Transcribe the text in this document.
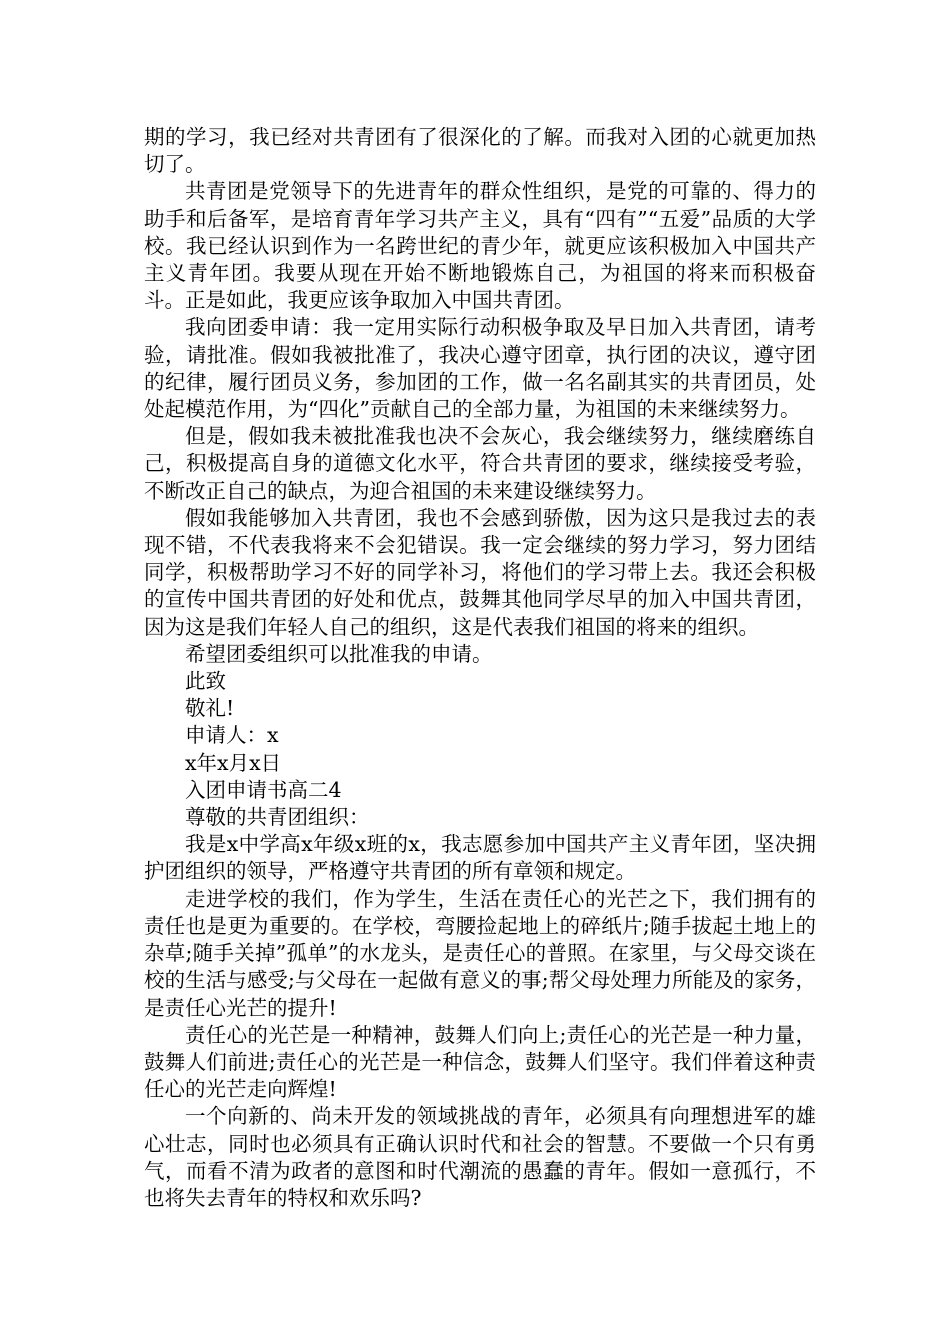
期的学习，我已经对共青团有了很深化的了解。而我对入团的心就更加热切了。

共青团是党领导下的先进青年的群众性组织，是党的可靠的、得力的助手和后备军，是培育青年学习共产主义，具有“四有”“五爱”品质的大学校。我已经认识到作为一名跨世纪的青少年，就更应该积极加入中国共产主义青年团。我要从现在开始不断地锻炼自己，为祖国的将来而积极奋斗。正是如此，我更应该争取加入中国共青团。

我向团委申请：我一定用实际行动积极争取及早日加入共青团，请考验，请批准。假如我被批准了，我决心遵守团章，执行团的决议，遵守团的纪律，履行团员义务，参加团的工作，做一名名副其实的共青团员，处处起模范作用，为“四化”贡献自己的全部力量，为祖国的未来继续努力。

但是，假如我未被批准我也决不会灰心，我会继续努力，继续磨练自己，积极提高自身的道德文化水平，符合共青团的要求，继续接受考验，不断改正自己的缺点，为迎合祖国的未来建设继续努力。

假如我能够加入共青团，我也不会感到骄傲，因为这只是我过去的表现不错，不代表我将来不会犯错误。我一定会继续的努力学习，努力团结同学，积极帮助学习不好的同学补习，将他们的学习带上去。我还会积极的宣传中国共青团的好处和优点，鼓舞其他同学尽早的加入中国共青团，因为这是我们年轻人自己的组织，这是代表我们祖国的将来的组织。

希望团委组织可以批准我的申请。

此致

敬礼!

申请人：x

x年x月x日

入团申请书高二4

尊敬的共青团组织：

我是x中学高x年级x班的x，我志愿参加中国共产主义青年团，坚决拥护团组织的领导，严格遵守共青团的所有章领和规定。

走进学校的我们，作为学生，生活在责任心的光芒之下，我们拥有的责任也是更为重要的。在学校，弯腰捡起地上的碎纸片;随手拔起土地上的杂草;随手关掉”孤单”的水龙头，是责任心的普照。在家里，与父母交谈在校的生活与感受;与父母在一起做有意义的事;帮父母处理力所能及的家务，是责任心光芒的提升!

责任心的光芒是一种精神，鼓舞人们向上;责任心的光芒是一种力量，鼓舞人们前进;责任心的光芒是一种信念，鼓舞人们坚守。我们伴着这种责任心的光芒走向辉煌!

一个向新的、尚未开发的领域挑战的青年，必须具有向理想进军的雄心壮志，同时也必须具有正确认识时代和社会的智慧。不要做一个只有勇气，而看不清为政者的意图和时代潮流的愚蠢的青年。假如一意孤行，不也将失去青年的特权和欢乐吗?
